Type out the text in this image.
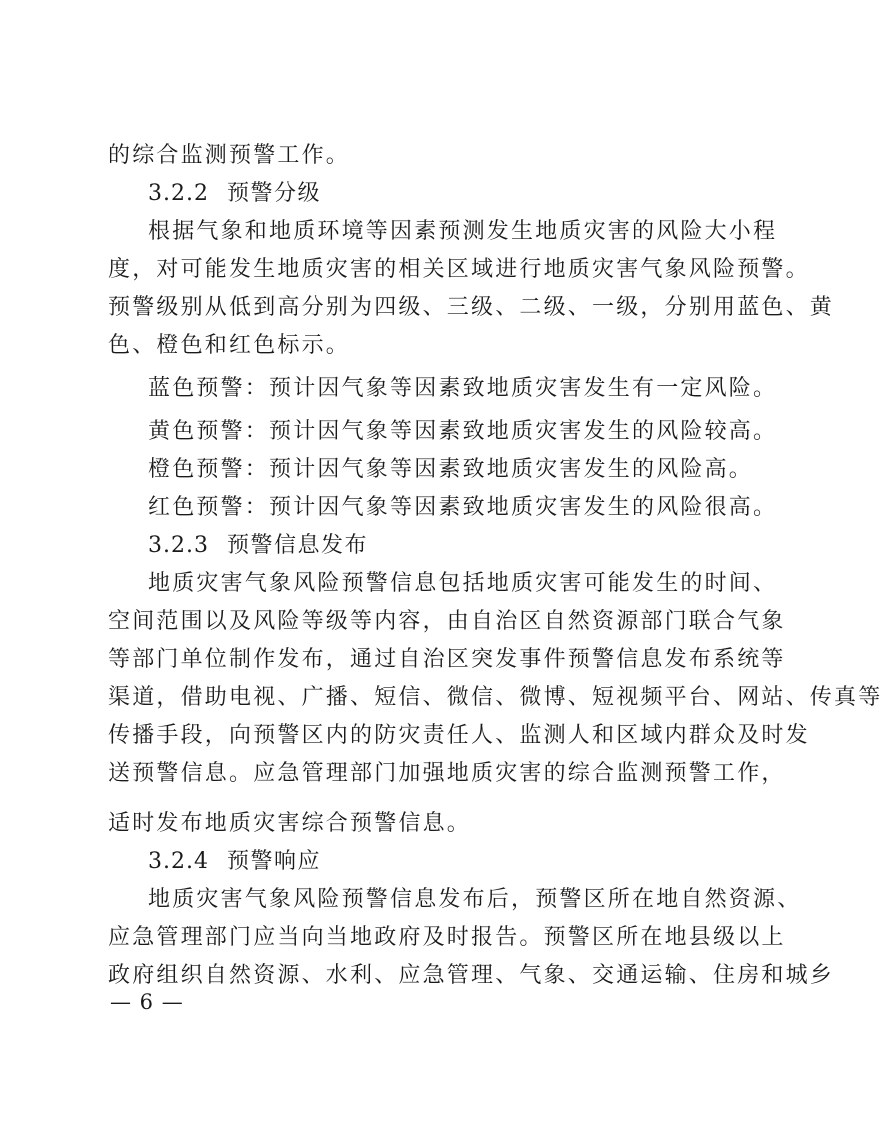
的综合监测预警工作。
3.2.2 预警分级
根据气象和地质环境等因素预测发生地质灾害的风险大小程
度，对可能发生地质灾害的相关区域进行地质灾害气象风险预警。
预警级别从低到高分别为四级、三级、二级、一级，分别用蓝色、黄
色、橙色和红色标示。
蓝色预警：预计因气象等因素致地质灾害发生有一定风险。
黄色预警：预计因气象等因素致地质灾害发生的风险较高。
橙色预警：预计因气象等因素致地质灾害发生的风险高。
红色预警：预计因气象等因素致地质灾害发生的风险很高。
3.2.3 预警信息发布
地质灾害气象风险预警信息包括地质灾害可能发生的时间、
空间范围以及风险等级等内容，由自治区自然资源部门联合气象
等部门单位制作发布，通过自治区突发事件预警信息发布系统等
渠道，借助电视、广播、短信、微信、微博、短视频平台、网站、传真等
传播手段，向预警区内的防灾责任人、监测人和区域内群众及时发
送预警信息。应急管理部门加强地质灾害的综合监测预警工作，
适时发布地质灾害综合预警信息。
3.2.4 预警响应
地质灾害气象风险预警信息发布后，预警区所在地自然资源、
应急管理部门应当向当地政府及时报告。预警区所在地县级以上
政府组织自然资源、水利、应急管理、气象、交通运输、住房和城乡
— 6 —
